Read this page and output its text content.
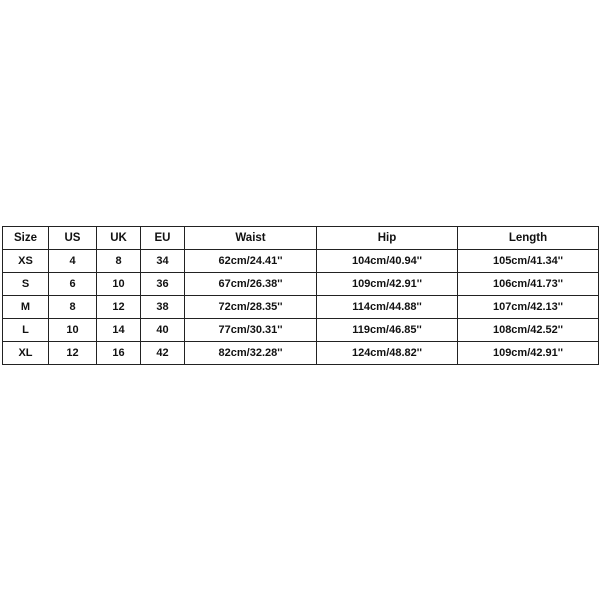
Size	US	UK	EU	Waist	Hip	Length
XS	4	8	34	62cm/24.41''	104cm/40.94''	105cm/41.34''
S	6	10	36	67cm/26.38''	109cm/42.91''	106cm/41.73''
M	8	12	38	72cm/28.35''	114cm/44.88''	107cm/42.13''
L	10	14	40	77cm/30.31''	119cm/46.85''	108cm/42.52''
XL	12	16	42	82cm/32.28''	124cm/48.82''	109cm/42.91''
